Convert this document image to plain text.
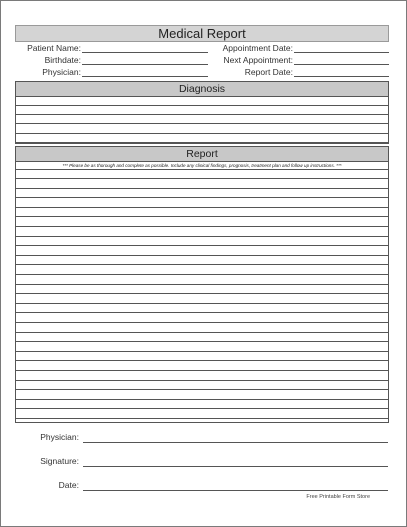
Medical Report
Patient Name:
Birthdate:
Physician:
Appointment Date:
Next Appointment:
Report Date:
Diagnosis
Report
*** Please be as thorough and complete as possible. Include any clinical findings, prognosis, treatment plan and follow up instructions. ***
Physician:
Signature:
Date:
Free Printable Form Store
